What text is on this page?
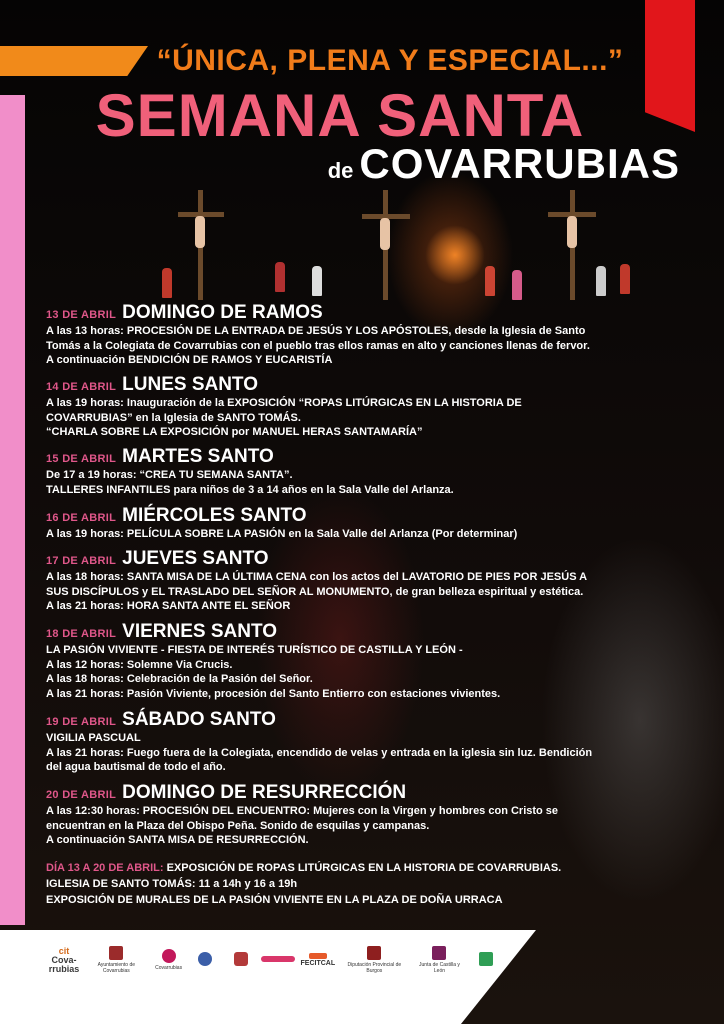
“ÚNICA, PLENA Y ESPECIAL...”
SEMANA SANTA
de COVARRUBIAS
13 DE ABRIL DOMINGO DE RAMOS
A las 13 horas: PROCESIÓN DE LA ENTRADA DE JESÚS Y LOS APÓSTOLES, desde la Iglesia de Santo
Tomás a la Colegiata de Covarrubias con el pueblo tras ellos ramas en alto y canciones llenas de fervor.
A continuación BENDICIÓN DE RAMOS Y EUCARISTÍA
14 DE ABRIL LUNES SANTO
A las 19 horas: Inauguración de la EXPOSICIÓN “ROPAS LITÚRGICAS EN LA HISTORIA DE
COVARRUBIAS” en la Iglesia de SANTO TOMÁS.
“CHARLA SOBRE LA EXPOSICIÓN por MANUEL HERAS SANTAMARÍA”
15 DE ABRIL MARTES SANTO
De 17 a 19 horas: “CREA TU SEMANA SANTA”.
TALLERES INFANTILES para niños de 3 a 14 años en la Sala Valle del Arlanza.
16 DE ABRIL MIÉRCOLES SANTO
A las 19 horas: PELÍCULA SOBRE LA PASIÓN en la Sala Valle del Arlanza (Por determinar)
17 DE ABRIL JUEVES SANTO
A las 18 horas: SANTA MISA DE LA ÚLTIMA CENA con los actos del LAVATORIO DE PIES POR JESÚS A
SUS DISCÍPULOS y EL TRASLADO DEL SEÑOR AL MONUMENTO, de gran belleza espiritual y estética.
A las 21 horas: HORA SANTA ANTE EL SEÑOR
18 DE ABRIL VIERNES SANTO
LA PASIÓN VIVIENTE - FIESTA DE INTERÉS TURÍSTICO DE CASTILLA Y LEÓN -
A las 12 horas: Solemne Via Crucis.
A las 18 horas: Celebración de la Pasión del Señor.
A las 21 horas: Pasión Viviente, procesión del Santo Entierro con estaciones vivientes.
19 DE ABRIL SÁBADO SANTO
VIGILIA PASCUAL
A las 21 horas: Fuego fuera de la Colegiata, encendido de velas y entrada en la iglesia sin luz. Bendición
del agua bautismal de todo el año.
20 DE ABRIL DOMINGO DE RESURRECCIÓN
A las 12:30 horas: PROCESIÓN DEL ENCUENTRO: Mujeres con la Virgen y hombres con Cristo se
encuentran en la Plaza del Obispo Peña. Sonido de esquilas y campanas.
A continuación SANTA MISA DE RESURRECCIÓN.
DÍA 13 A 20 DE ABRIL: EXPOSICIÓN DE ROPAS LITÚRGICAS EN LA HISTORIA DE COVARRUBIAS.
IGLESIA DE SANTO TOMÁS: 11 a 14h y 16 a 19h
EXPOSICIÓN DE MURALES DE LA PASIÓN VIVIENTE EN LA PLAZA DE DOÑA URRACA
cit
Cova-
rrubias	Ayuntamiento de Covarrubias	Covarrubias
FECITCAL	Diputación Provincial de Burgos
Junta de Castilla y León
